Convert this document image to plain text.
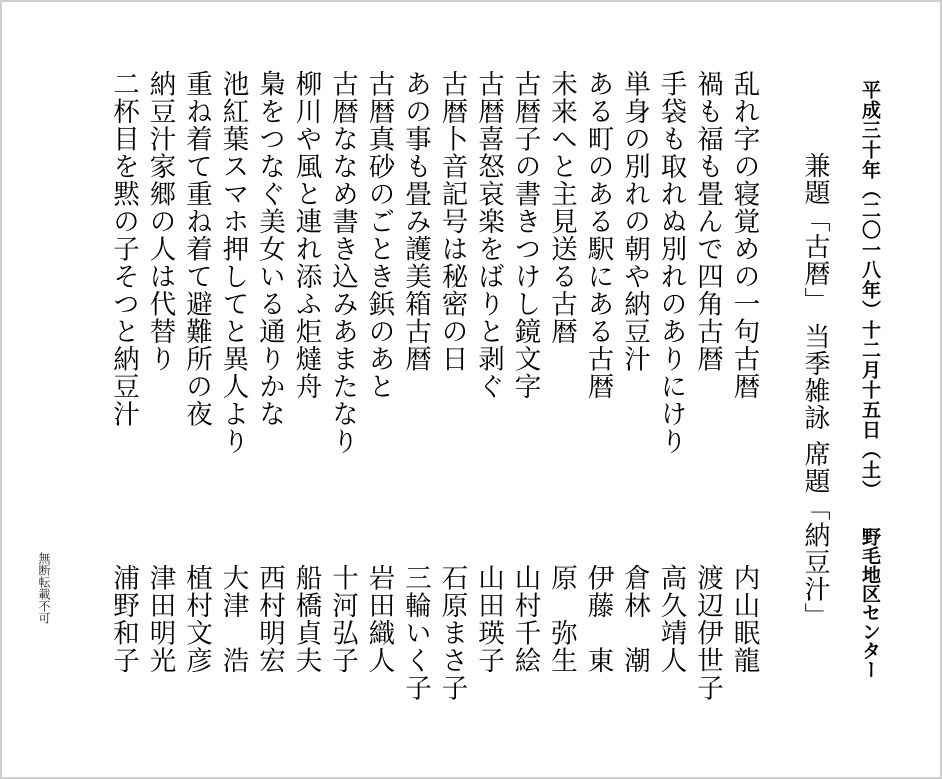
平成三十年（二〇一八年）十二月十五日（土）
野毛地区センター
兼題「古暦」 当季雑詠 席題「納豆汁」
乱れ字の寝覚めの一句古暦
内山眠龍
禍も福も畳んで四角古暦
渡辺伊世子
手袋も取れぬ別れのありにけり
高久靖人
単身の別れの朝や納豆汁
倉林　潮
ある町のある駅にある古暦
伊藤　東
未来へと主見送る古暦
原　弥生
古暦子の書きつけし鏡文字
山村千絵
古暦喜怒哀楽をばりと剥ぐ
山田瑛子
古暦卜音記号は秘密の日
石原まさ子
あの事も畳み護美箱古暦
三輪いく子
古暦真砂のごとき鋲のあと
岩田織人
古暦ななめ書き込みあまたなり
十河弘子
柳川や風と連れ添ふ炬燵舟
船橋貞夫
梟をつなぐ美女いる通りかな
西村明宏
池紅葉スマホ押してと異人より
大津　浩
重ね着て重ね着て避難所の夜
植村文彦
納豆汁家郷の人は代替り
津田明光
二杯目を黙の子そつと納豆汁
浦野和子
無断転載不可
